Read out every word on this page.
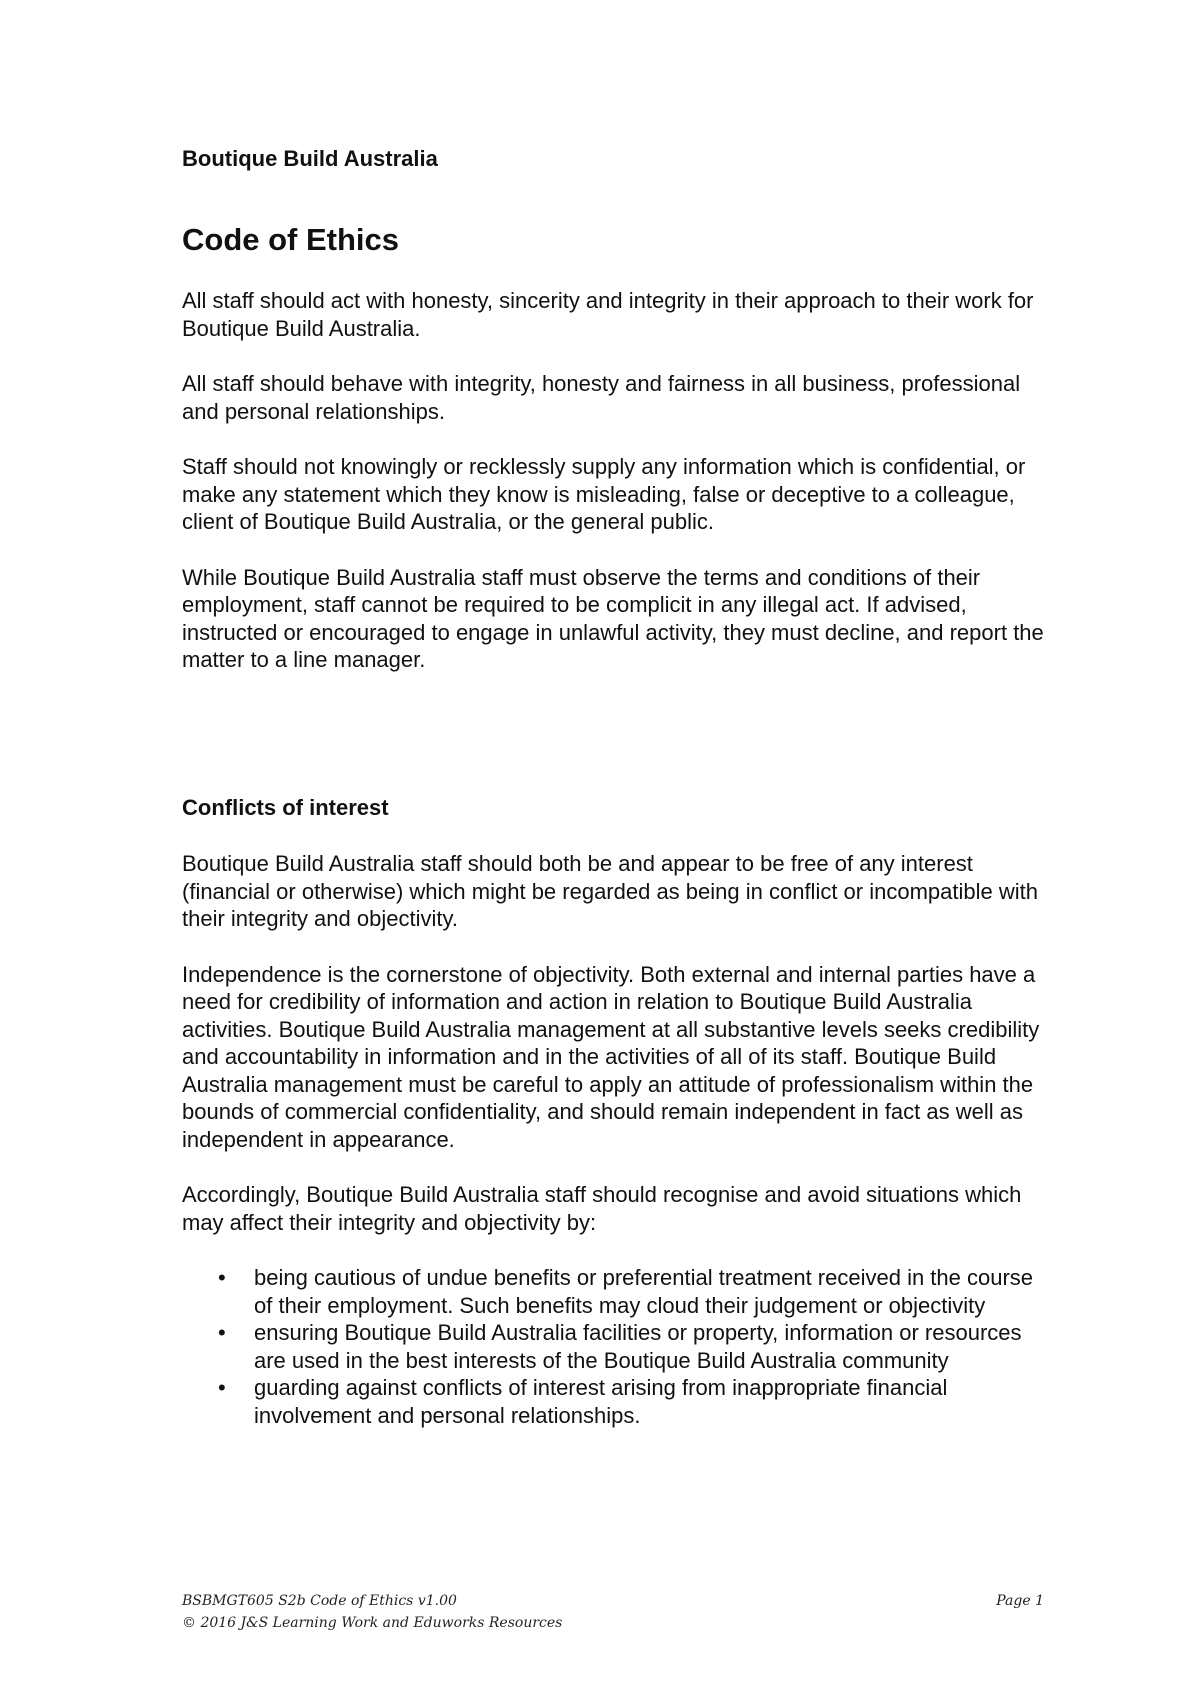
Boutique Build Australia
Code of Ethics

All staff should act with honesty, sincerity and integrity in their approach to their work for Boutique Build Australia.

All staff should behave with integrity, honesty and fairness in all business, professional and personal relationships.

Staff should not knowingly or recklessly supply any information which is confidential, or make any statement which they know is misleading, false or deceptive to a colleague, client of Boutique Build Australia, or the general public.

While Boutique Build Australia staff must observe the terms and conditions of their employment, staff cannot be required to be complicit in any illegal act. If advised, instructed or encouraged to engage in unlawful activity, they must decline, and report the matter to a line manager.

Conflicts of interest

Boutique Build Australia staff should both be and appear to be free of any interest (financial or otherwise) which might be regarded as being in conflict or incompatible with their integrity and objectivity.

Independence is the cornerstone of objectivity. Both external and internal parties have a need for credibility of information and action in relation to Boutique Build Australia activities. Boutique Build Australia management at all substantive levels seeks credibility and accountability in information and in the activities of all of its staff. Boutique Build Australia management must be careful to apply an attitude of professionalism within the bounds of commercial confidentiality, and should remain independent in fact as well as independent in appearance.

Accordingly, Boutique Build Australia staff should recognise and avoid situations which may affect their integrity and objectivity by:

• being cautious of undue benefits or preferential treatment received in the course of their employment. Such benefits may cloud their judgement or objectivity
• ensuring Boutique Build Australia facilities or property, information or resources are used in the best interests of the Boutique Build Australia community
• guarding against conflicts of interest arising from inappropriate financial involvement and personal relationships.
BSBMGT605 S2b Code of Ethics v1.00	Page 1
© 2016 J&S Learning Work and Eduworks Resources
